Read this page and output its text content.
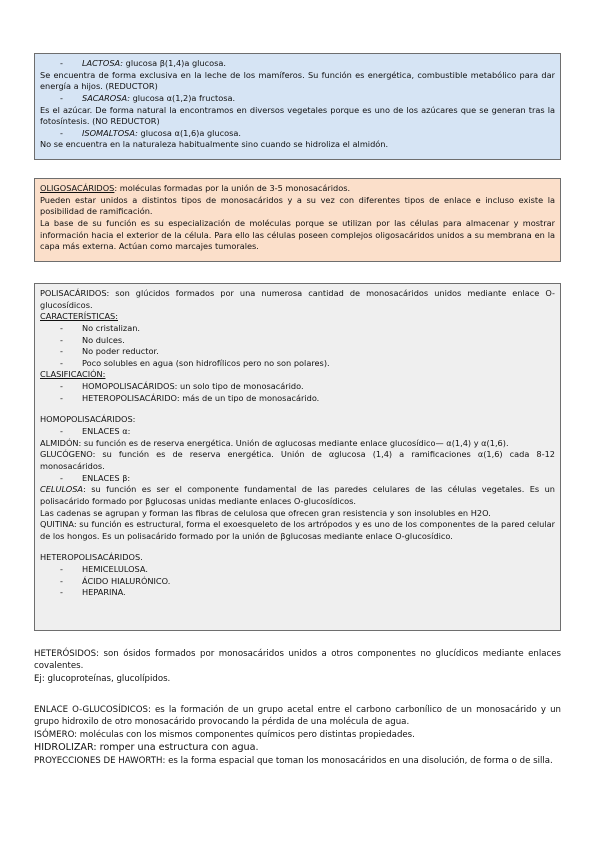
- LACTOSA: glucosa β(1,4)a glucosa.
Se encuentra de forma exclusiva en la leche de los mamíferos. Su función es energética, combustible metabólico para dar energía a hijos. (REDUCTOR)
- SACAROSA: glucosa α(1,2)a fructosa.
Es el azúcar. De forma natural la encontramos en diversos vegetales porque es uno de los azúcares que se generan tras la fotosíntesis. (NO REDUCTOR)
- ISOMALTOSA: glucosa α(1,6)a glucosa.
No se encuentra en la naturaleza habitualmente sino cuando se hidroliza el almidón.
OLIGOSACÁRIDOS: moléculas formadas por la unión de 3-5 monosacáridos.
Pueden estar unidos a distintos tipos de monosacáridos y a su vez con diferentes tipos de enlace e incluso existe la posibilidad de ramificación.
La base de su función es su especialización de moléculas porque se utilizan por las células para almacenar y mostrar información hacia el exterior de la célula. Para ello las células poseen complejos oligosacáridos unidos a su membrana en la capa más externa. Actúan como marcajes tumorales.
POLISACÁRIDOS: son glúcidos formados por una numerosa cantidad de monosacáridos unidos mediante enlace O-glucosídicos.
CARACTERÍSTICAS:
- No cristalizan.
- No dulces.
- No poder reductor.
- Poco solubles en agua (son hidrofílicos pero no son polares).
CLASIFICACIÓN:
- HOMOPOLISACÁRIDOS: un solo tipo de monosacárido.
- HETEROPOLISACÁRIDO: más de un tipo de monosacárido.
HOMOPOLISACÁRIDOS:
- ENLACES α:
ALMIDÓN: su función es de reserva energética. Unión de αglucosas mediante enlace glucosídico— α(1,4) y α(1,6).
GLUCÓGENO: su función es de reserva energética. Unión de αglucosa (1,4) a ramificaciones α(1,6) cada 8-12 monosacáridos.
- ENLACES β:
CELULOSA: su función es ser el componente fundamental de las paredes celulares de las células vegetales. Es un polisacárido formado por βglucosas unidas mediante enlaces O-glucosídicos.
Las cadenas se agrupan y forman las fibras de celulosa que ofrecen gran resistencia y son insolubles en H2O.
QUITINA: su función es estructural, forma el exoesqueleto de los artrópodos y es uno de los componentes de la pared celular de los hongos. Es un polisacárido formado por la unión de βglucosas mediante enlace O-glucosídico.
HETEROPOLISACÁRIDOS.
- HEMICELULOSA.
- ÁCIDO HIALURÓNICO.
- HEPARINA.
HETERÓSIDOS: son ósidos formados por monosacáridos unidos a otros componentes no glucídicos mediante enlaces covalentes.
Ej: glucoproteínas, glucolípidos.
ENLACE O-GLUCOSÍDICOS: es la formación de un grupo acetal entre el carbono carbonílico de un monosacárido y un grupo hidroxilo de otro monosacárido provocando la pérdida de una molécula de agua.
ISÓMERO: moléculas con los mismos componentes químicos pero distintas propiedades.
HIDROLIZAR: romper una estructura con agua.
PROYECCIONES DE HAWORTH: es la forma espacial que toman los monosacáridos en una disolución, de forma o de silla.
